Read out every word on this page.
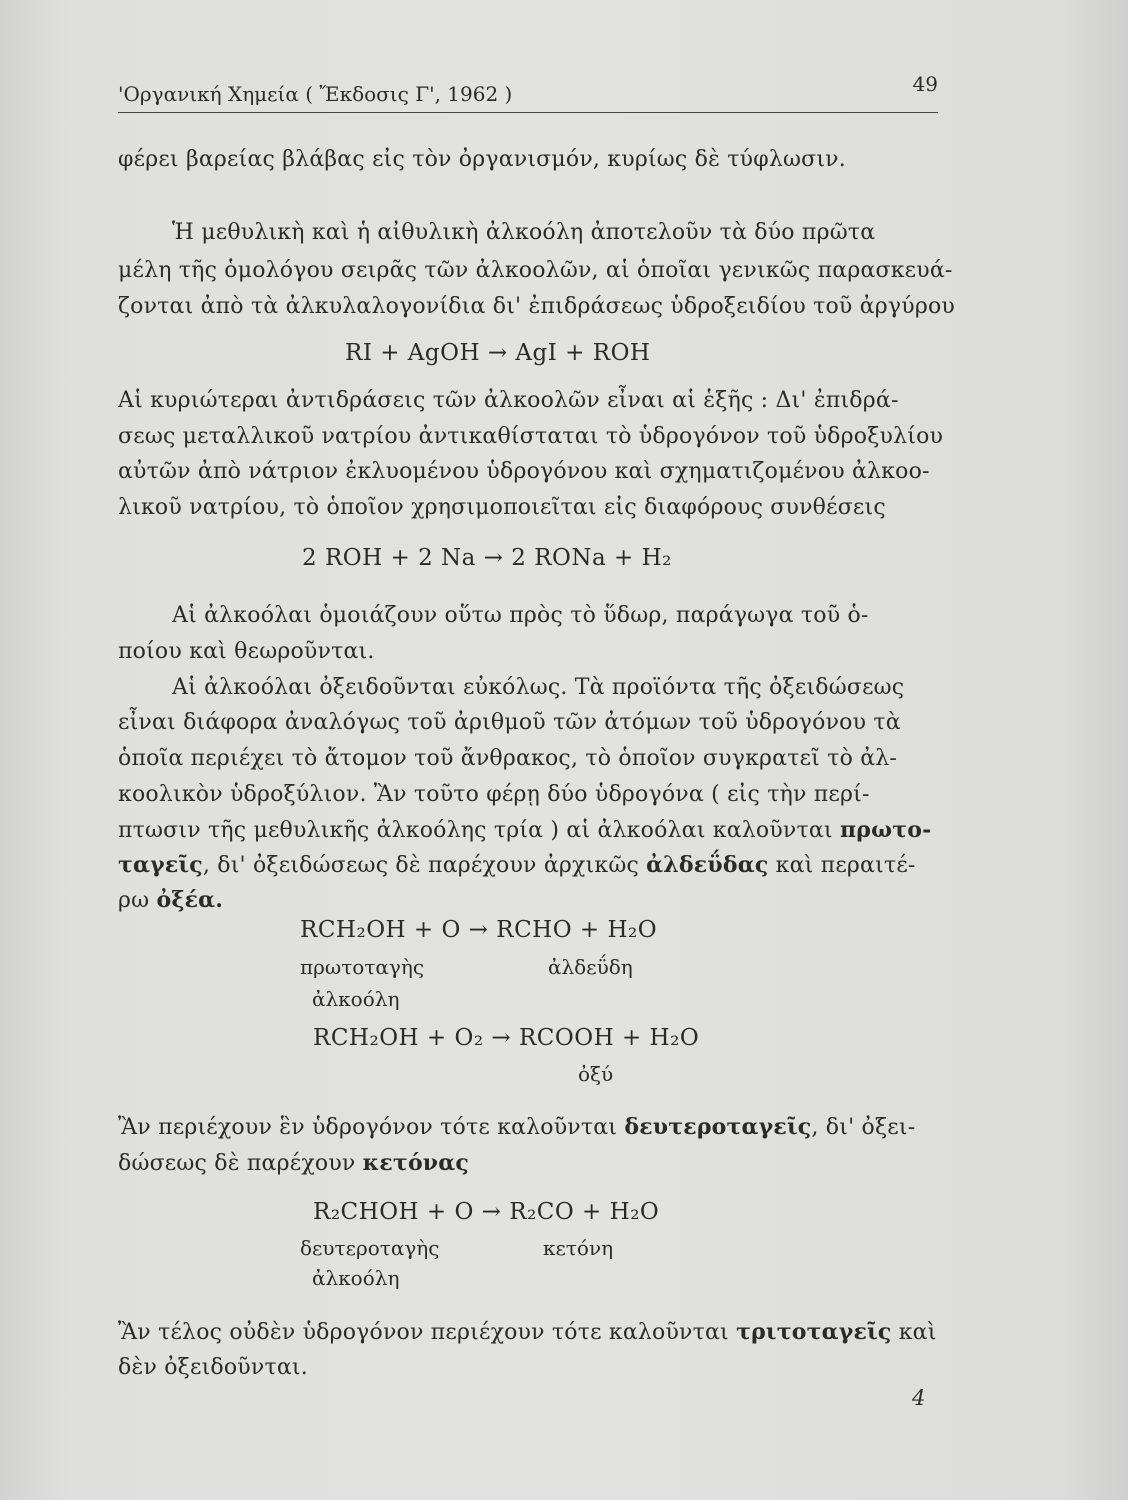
'Οργανική Χημεία ( Ἔκδοσις Γ', 1962 )	49
φέρει βαρείας βλάβας εἰς τὸν ὀργανισμόν, κυρίως δὲ τύφλωσιν.
Ἡ μεθυλικὴ καὶ ἡ αἰθυλικὴ ἀλκοόλη ἀποτελοῦν τὰ δύο πρῶτα
μέλη τῆς ὁμολόγου σειρᾶς τῶν ἀλκοολῶν, αἱ ὁποῖαι γενικῶς παρασκευά-
ζονται ἀπὸ τὰ ἀλκυλαλογονίδια δι' ἐπιδράσεως ὑδροξειδίου τοῦ ἀργύρου
RI + AgOH → AgI + ROH
Αἱ κυριώτεραι ἀντιδράσεις τῶν ἀλκοολῶν εἶναι αἱ ἑξῆς : Δι' ἐπιδρά-
σεως μεταλλικοῦ νατρίου ἀντικαθίσταται τὸ ὑδρογόνον τοῦ ὑδροξυλίου
αὐτῶν ἀπὸ νάτριον ἐκλυομένου ὑδρογόνου καὶ σχηματιζομένου ἀλκοο-
λικοῦ νατρίου, τὸ ὁποῖον χρησιμοποιεῖται εἰς διαφόρους συνθέσεις
2 ROH + 2 Na → 2 RONa + H₂
Αἱ ἀλκοόλαι ὁμοιάζουν οὕτω πρὸς τὸ ὕδωρ, παράγωγα τοῦ ὁ-
ποίου καὶ θεωροῦνται.
Αἱ ἀλκοόλαι ὀξειδοῦνται εὐκόλως. Τὰ προϊόντα τῆς ὀξειδώσεως
εἶναι διάφορα ἀναλόγως τοῦ ἀριθμοῦ τῶν ἀτόμων τοῦ ὑδρογόνου τὰ
ὁποῖα περιέχει τὸ ἄτομον τοῦ ἄνθρακος, τὸ ὁποῖον συγκρατεῖ τὸ ἀλ-
κοολικὸν ὑδροξύλιον. Ἂν τοῦτο φέρῃ δύο ὑδρογόνα ( εἰς τὴν περί-
πτωσιν τῆς μεθυλικῆς ἀλκοόλης τρία ) αἱ ἀλκοόλαι καλοῦνται πρωτο-
ταγεῖς, δι' ὀξειδώσεως δὲ παρέχουν ἀρχικῶς ἀλδεΰδας καὶ περαιτέ-
ρω ὀξέα.
RCH₂OH + O → RCHO + H₂O
πρωτοταγὴς	ἀλδεΰδη
ἀλκοόλη
RCH₂OH + O₂ → RCOOH + H₂O
ὀξύ
Ἂν περιέχουν ἓν ὑδρογόνον τότε καλοῦνται δευτεροταγεῖς, δι' ὀξει-
δώσεως δὲ παρέχουν κετόνας
R₂CHOH + O → R₂CO + H₂O
δευτεροταγὴς	κετόνη
ἀλκοόλη
Ἂν τέλος οὐδὲν ὑδρογόνον περιέχουν τότε καλοῦνται τριτοταγεῖς καὶ
δὲν ὀξειδοῦνται.
4
